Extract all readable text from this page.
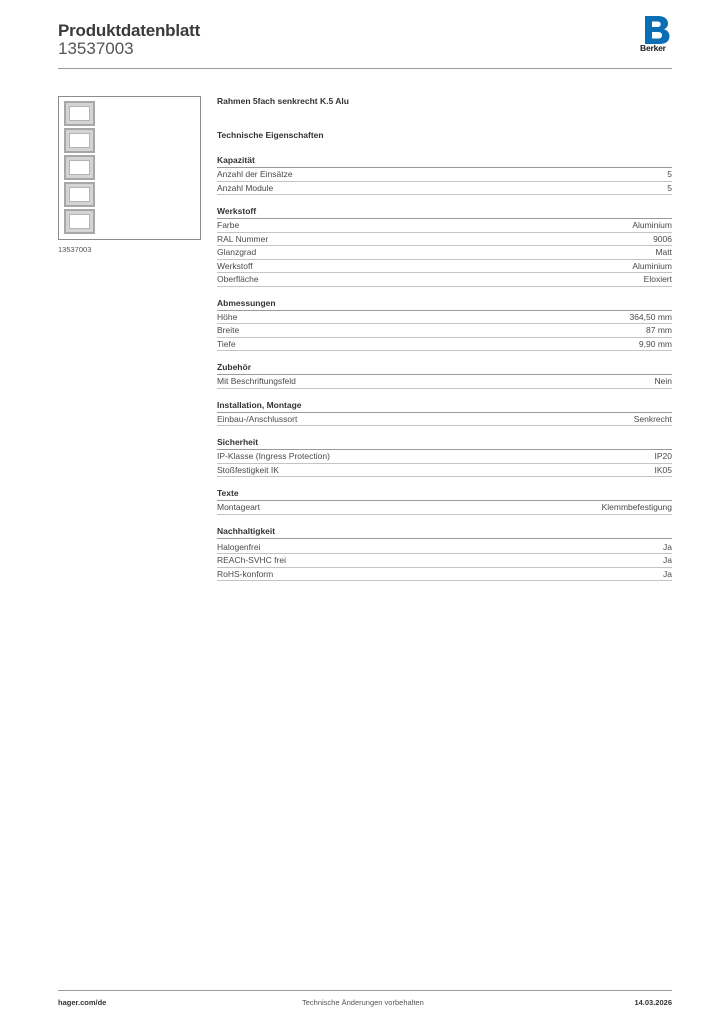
Produktdatenblatt
13537003	Berker
13537003
Rahmen 5fach senkrecht K.5 Alu
Technische Eigenschaften
Kapazität
Anzahl der Einsätze	5
Anzahl Module	5
Werkstoff
Farbe	Aluminium
RAL Nummer	9006
Glanzgrad	Matt
Werkstoff	Aluminium
Oberfläche	Eloxiert
Abmessungen
Höhe	364,50 mm
Breite	87 mm
Tiefe	9,90 mm
Zubehör
Mit Beschriftungsfeld	Nein
Installation, Montage
Einbau-/Anschlussort	Senkrecht
Sicherheit
IP-Klasse (Ingress Protection)	IP20
Stoßfestigkeit IK	IK05
Texte
Montageart	Klemmbefestigung
Nachhaltigkeit
Halogenfrei	Ja
REACh-SVHC frei	Ja
RoHS-konform	Ja
hager.com/de	Technische Änderungen vorbehalten	14.03.2026
